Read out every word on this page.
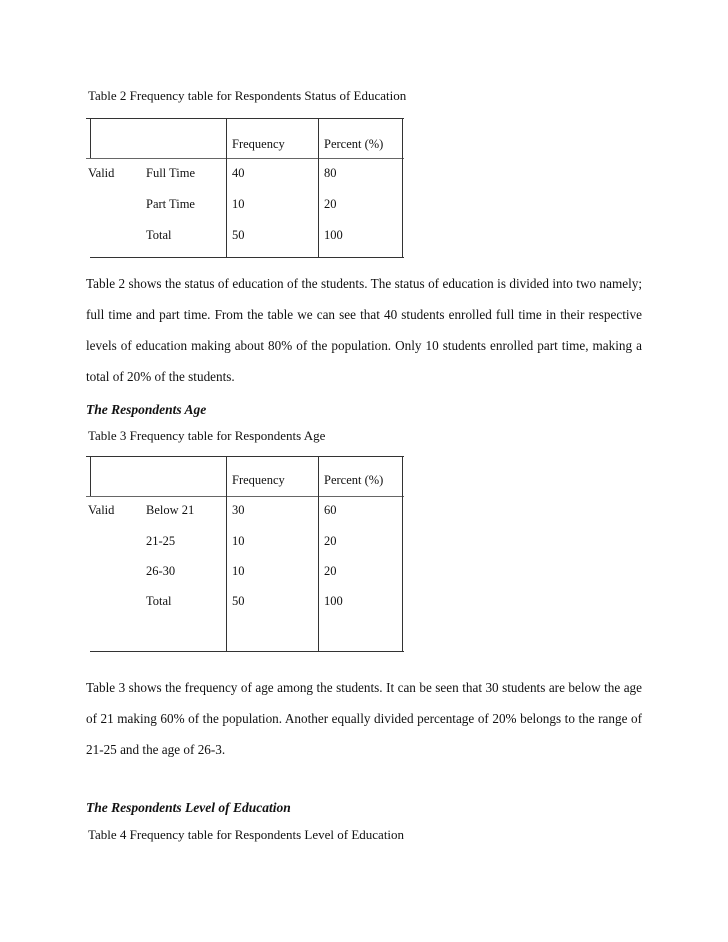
Table 2 Frequency table for Respondents Status of Education
Frequency	Percent (%)
Valid	Full Time	40	80
Part Time	10	20
Total	50	100

Table 2 shows the status of education of the students. The status of education is divided into two namely; full time and part time. From the table we can see that 40 students enrolled full time in their respective levels of education making about 80% of the population. Only 10 students enrolled part time, making a total of 20% of the students.

The Respondents Age
Table 3 Frequency table for Respondents Age
Frequency	Percent (%)
Valid	Below 21	30	60
21-25	10	20
26-30	10	20
Total	50	100

Table 3 shows the frequency of age among the students. It can be seen that 30 students are below the age of 21 making 60% of the population. Another equally divided percentage of 20% belongs to the range of 21-25 and the age of 26-3.

The Respondents Level of Education
Table 4 Frequency table for Respondents Level of Education
